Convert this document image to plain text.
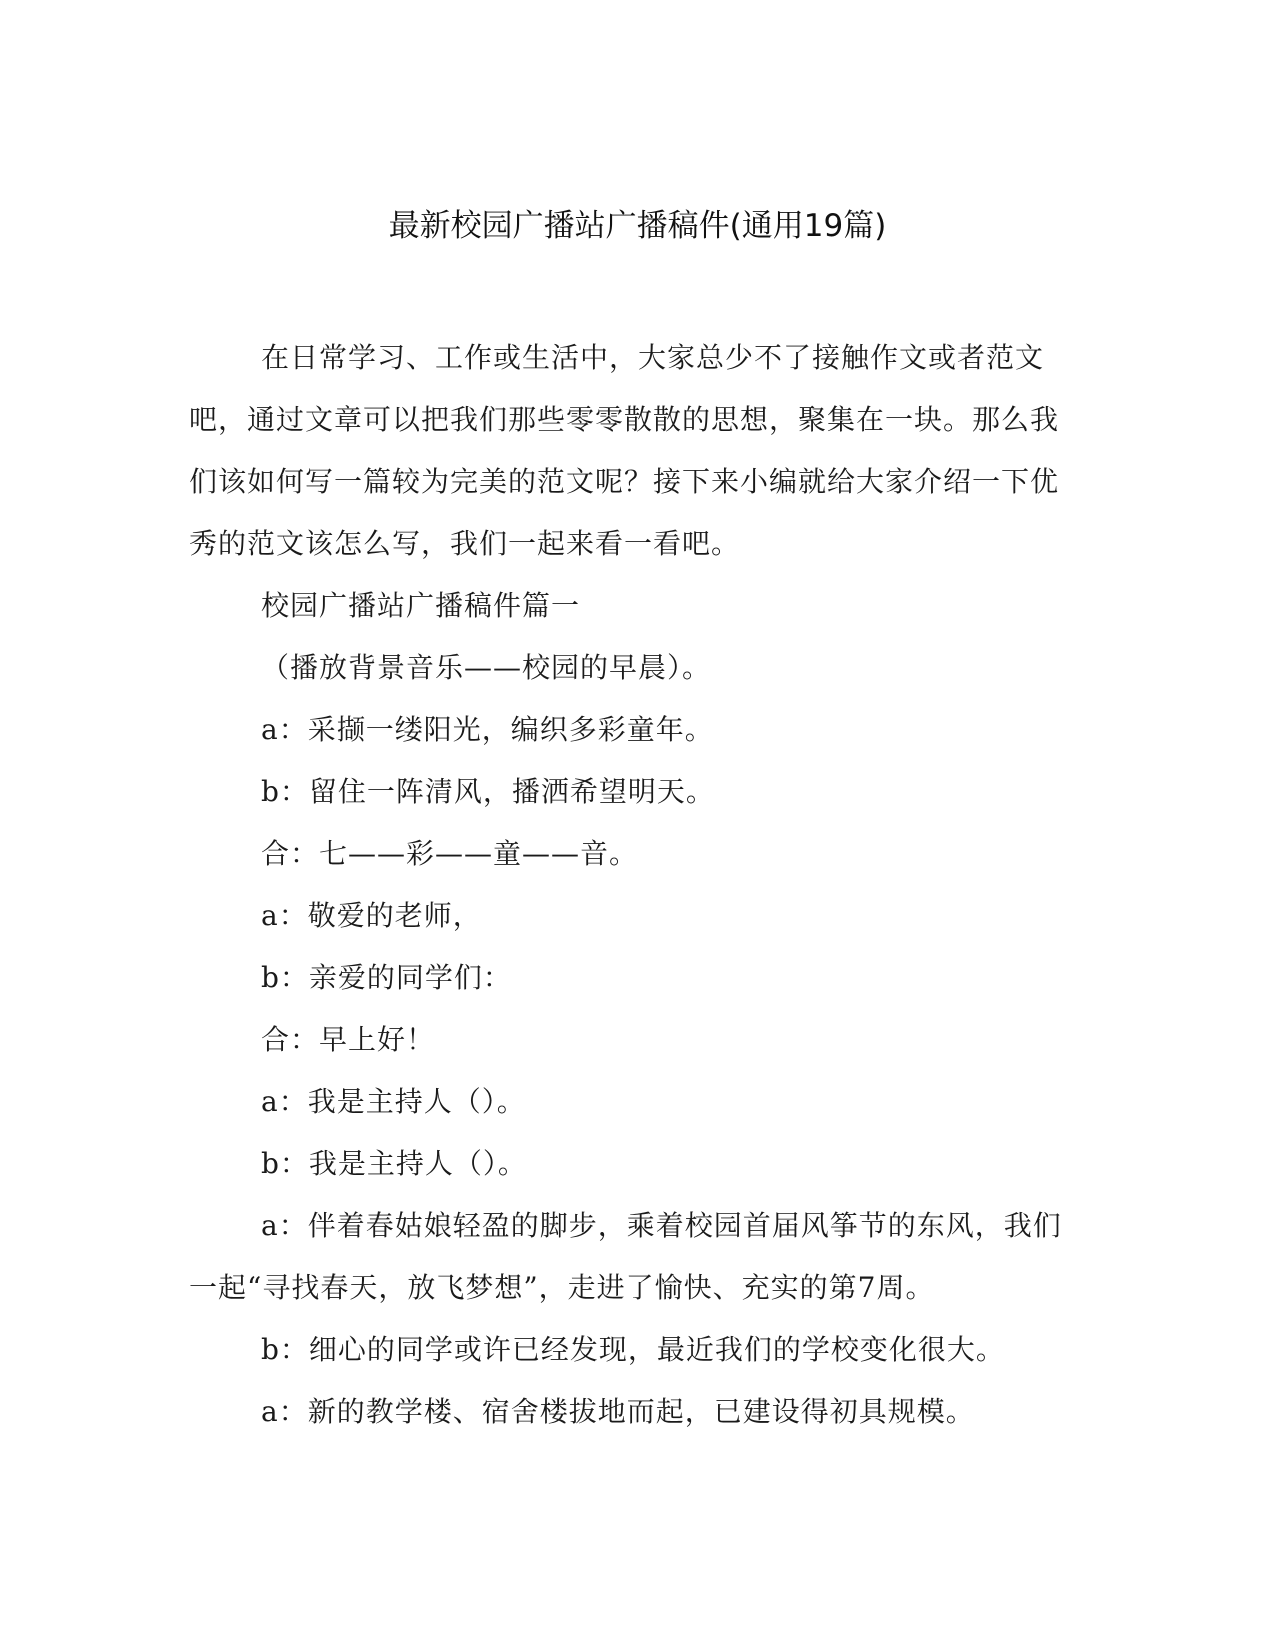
最新校园广播站广播稿件(通用19篇)

在日常学习、工作或生活中，大家总少不了接触作文或者范文吧，通过文章可以把我们那些零零散散的思想，聚集在一块。那么我们该如何写一篇较为完美的范文呢？接下来小编就给大家介绍一下优秀的范文该怎么写，我们一起来看一看吧。

校园广播站广播稿件篇一

（播放背景音乐——校园的早晨）。

a：采撷一缕阳光，编织多彩童年。

b：留住一阵清风，播洒希望明天。

合：七——彩——童——音。

a：敬爱的老师，

b：亲爱的同学们：

合：早上好！

a：我是主持人（）。

b：我是主持人（）。

a：伴着春姑娘轻盈的脚步，乘着校园首届风筝节的东风，我们一起“寻找春天，放飞梦想”，走进了愉快、充实的第7周。

b：细心的同学或许已经发现，最近我们的学校变化很大。

a：新的教学楼、宿舍楼拔地而起，已建设得初具规模。
